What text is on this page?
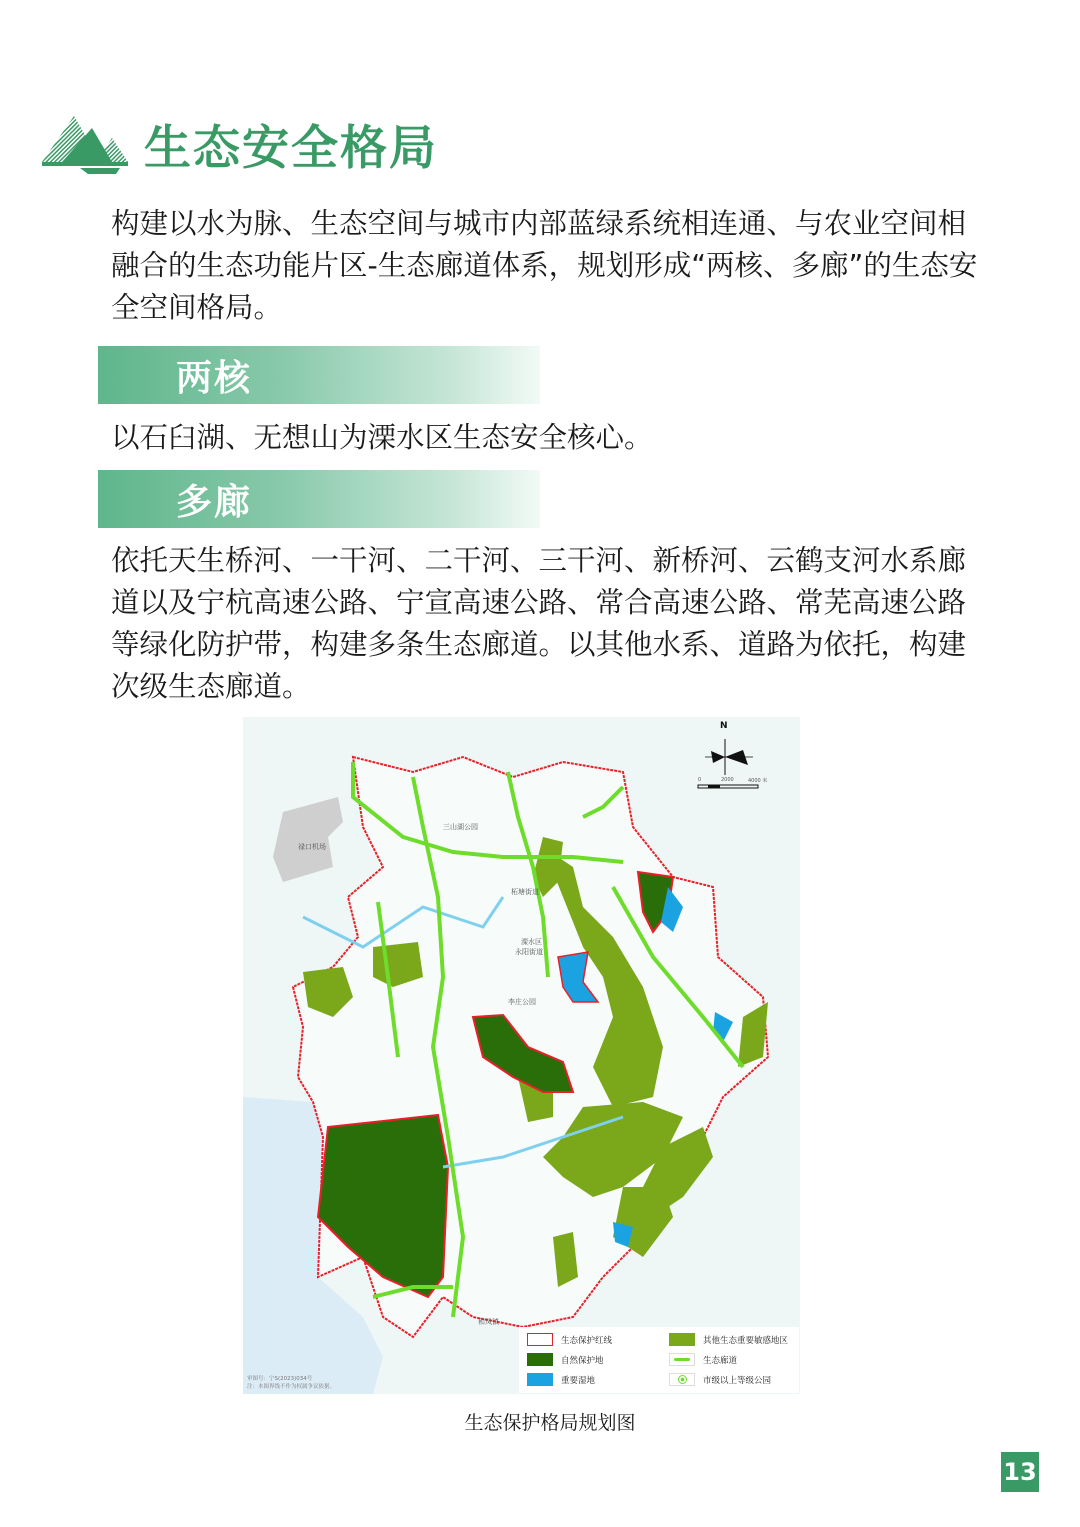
生态安全格局

构建以水为脉、生态空间与城市内部蓝绿系统相连通、与农业空间相融合的生态功能片区-生态廊道体系，规划形成“两核、多廊”的生态安全空间格局。

两核

以石臼湖、无想山为溧水区生态安全核心。

多廊

依托天生桥河、一干河、二干河、三干河、新桥河、云鹤支河水系廊道以及宁杭高速公路、宁宣高速公路、常合高速公路、常芜高速公路等绿化防护带，构建多条生态廊道。以其他水系、道路为依托，构建次级生态廊道。

N
0	2000	4000 米
三山湖公园
禄口机场
柘塘街道
溧水区
永阳街道
李庄公园
和凤镇
审图号：宁S(2023)034号
注：本图界线不作为权属争议依据。
生态保护红线	其他生态重要敏感地区
自然保护地	生态廊道
重要湿地	市级以上等级公园
生态保护格局规划图
13
